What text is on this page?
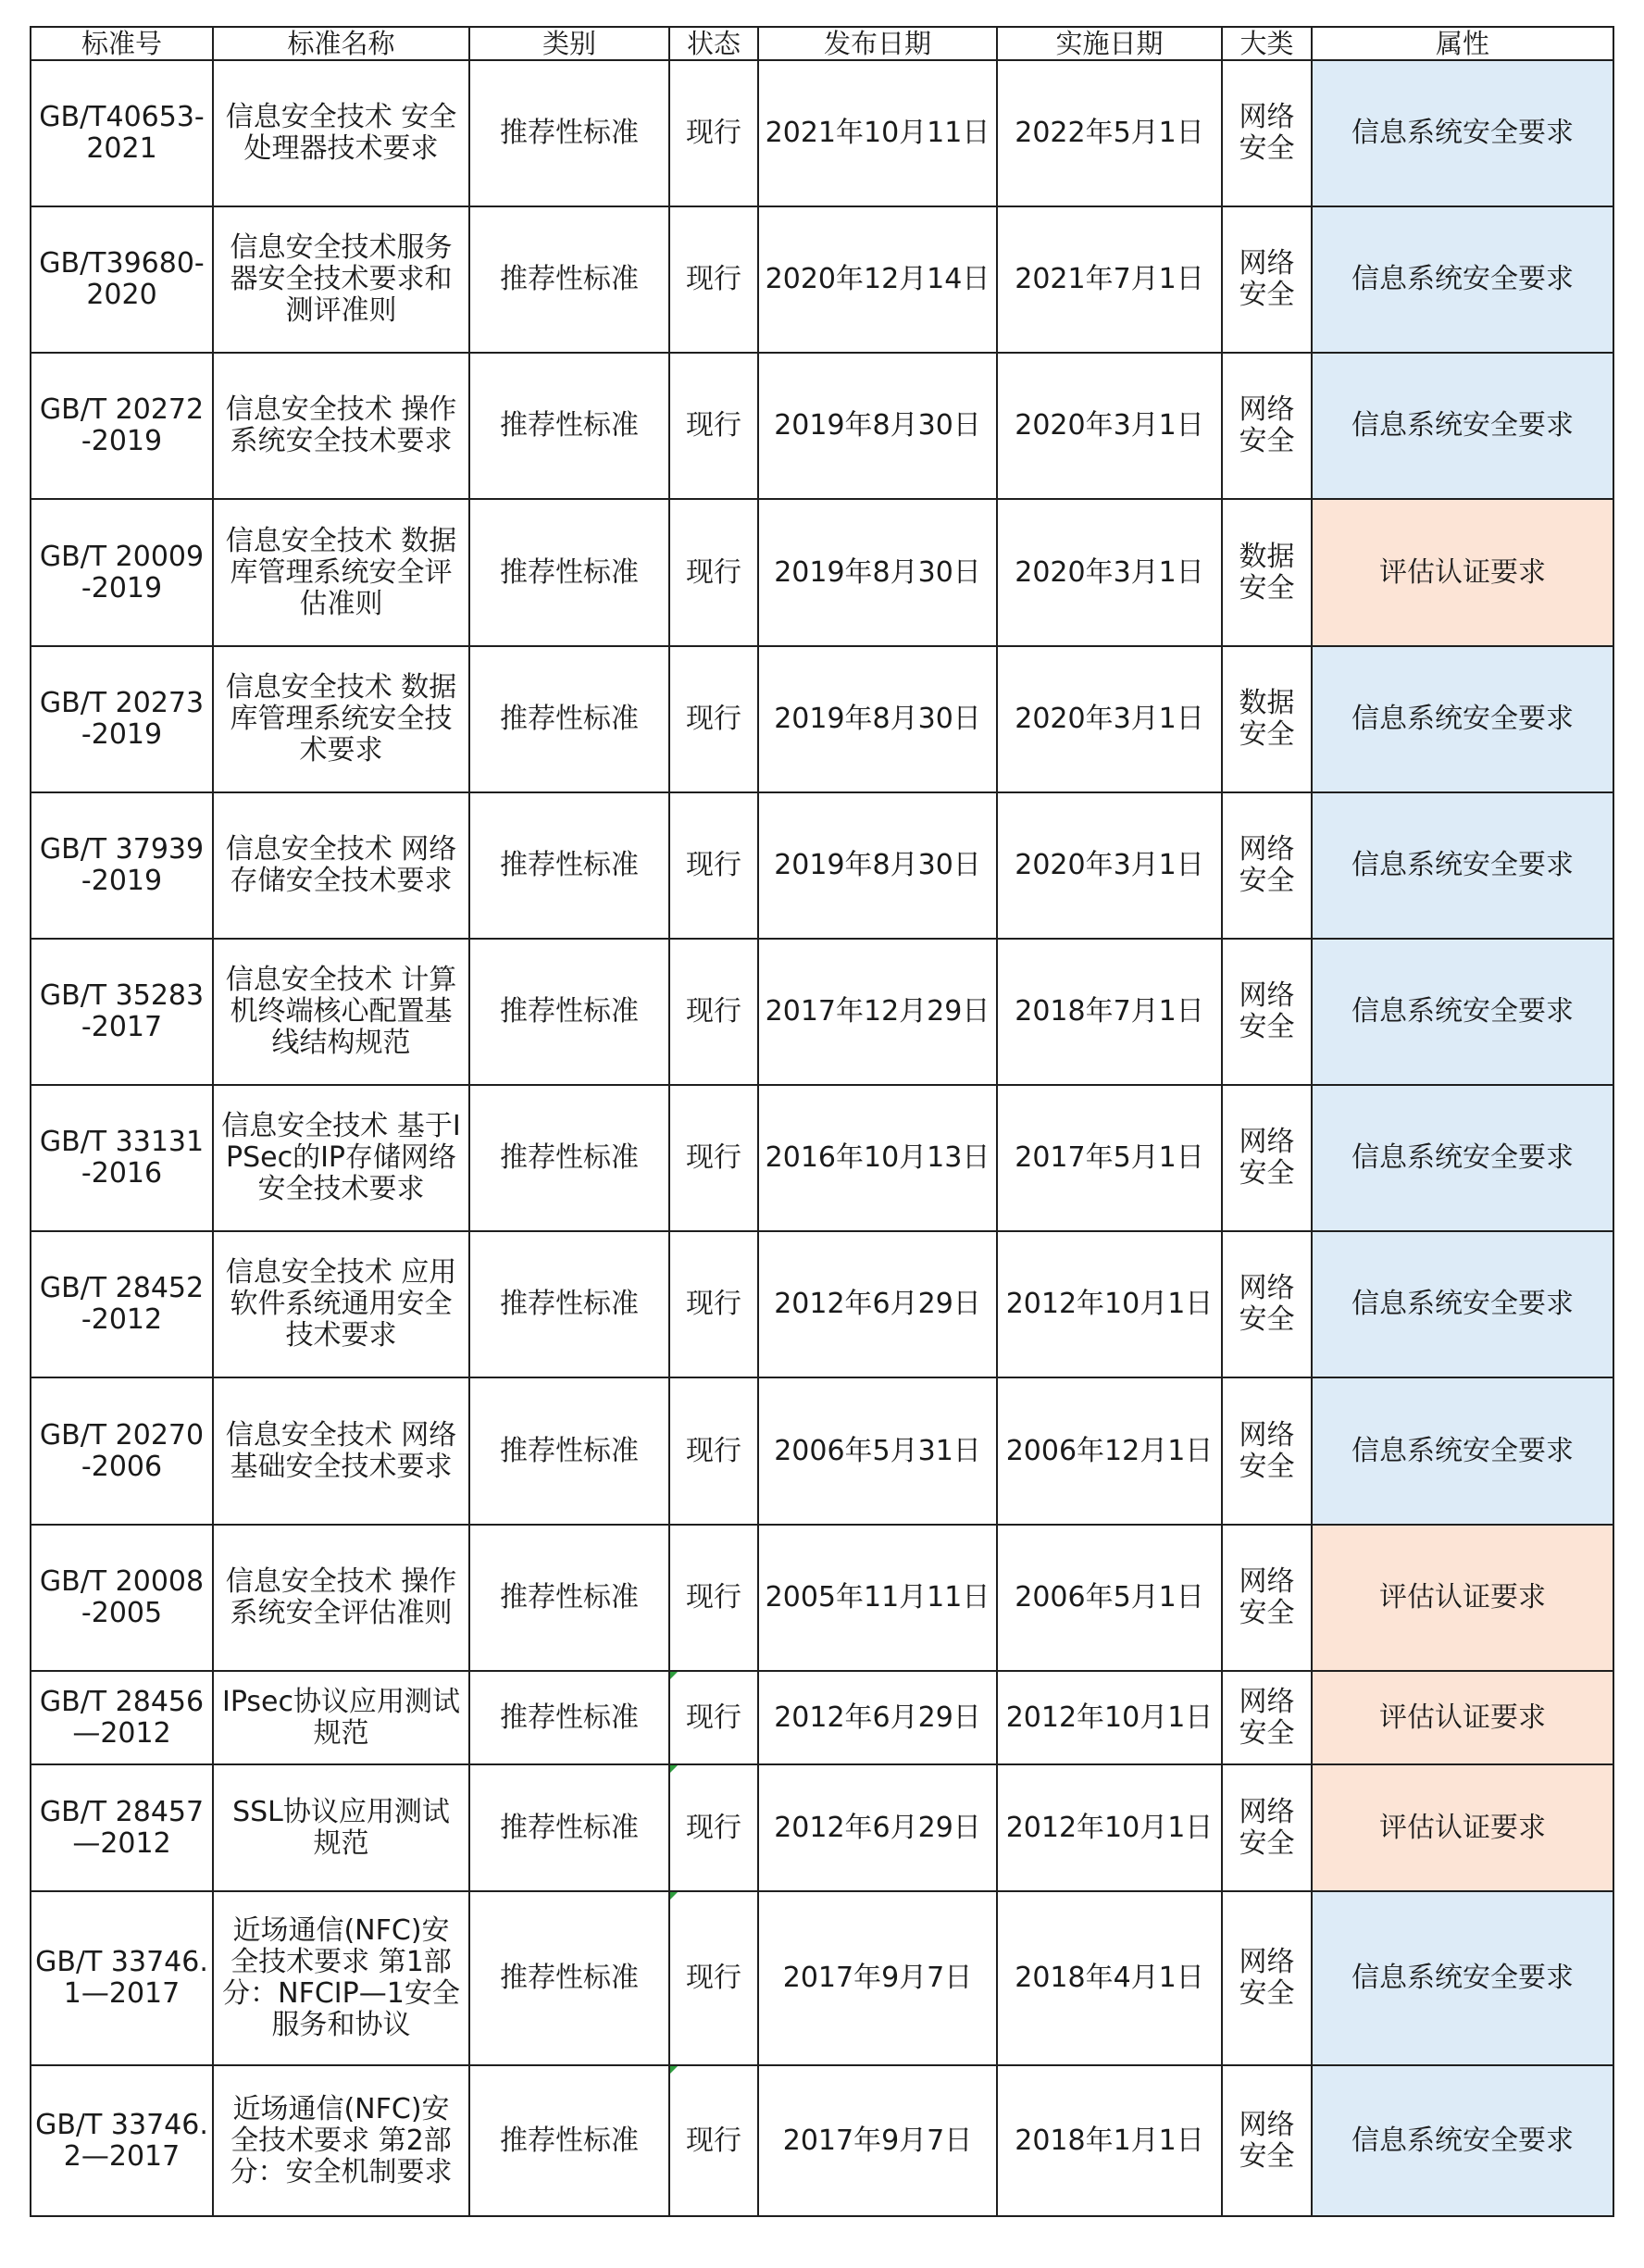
标准号	标准名称	类别	状态	发布日期	实施日期	大类	属性
GB/T40653-2021	信息安全技术 安全处理器技术要求	推荐性标准	现行	2021年10月11日	2022年5月1日	网络安全	信息系统安全要求
GB/T39680-2020	信息安全技术服务器安全技术要求和测评准则	推荐性标准	现行	2020年12月14日	2021年7月1日	网络安全	信息系统安全要求
GB/T 20272-2019	信息安全技术 操作系统安全技术要求	推荐性标准	现行	2019年8月30日	2020年3月1日	网络安全	信息系统安全要求
GB/T 20009-2019	信息安全技术 数据库管理系统安全评估准则	推荐性标准	现行	2019年8月30日	2020年3月1日	数据安全	评估认证要求
GB/T 20273-2019	信息安全技术 数据库管理系统安全技术要求	推荐性标准	现行	2019年8月30日	2020年3月1日	数据安全	信息系统安全要求
GB/T 37939-2019	信息安全技术 网络存储安全技术要求	推荐性标准	现行	2019年8月30日	2020年3月1日	网络安全	信息系统安全要求
GB/T 35283-2017	信息安全技术 计算机终端核心配置基线结构规范	推荐性标准	现行	2017年12月29日	2018年7月1日	网络安全	信息系统安全要求
GB/T 33131-2016	信息安全技术 基于IPSec的IP存储网络安全技术要求	推荐性标准	现行	2016年10月13日	2017年5月1日	网络安全	信息系统安全要求
GB/T 28452-2012	信息安全技术 应用软件系统通用安全技术要求	推荐性标准	现行	2012年6月29日	2012年10月1日	网络安全	信息系统安全要求
GB/T 20270-2006	信息安全技术 网络基础安全技术要求	推荐性标准	现行	2006年5月31日	2006年12月1日	网络安全	信息系统安全要求
GB/T 20008-2005	信息安全技术 操作系统安全评估准则	推荐性标准	现行	2005年11月11日	2006年5月1日	网络安全	评估认证要求
GB/T 28456—2012	IPsec协议应用测试规范	推荐性标准	现行	2012年6月29日	2012年10月1日	网络安全	评估认证要求
GB/T 28457—2012	SSL协议应用测试规范	推荐性标准	现行	2012年6月29日	2012年10月1日	网络安全	评估认证要求
GB/T 33746.1—2017	近场通信(NFC)安全技术要求 第1部分：NFCIP—1安全服务和协议	推荐性标准	现行	2017年9月7日	2018年4月1日	网络安全	信息系统安全要求
GB/T 33746.2—2017	近场通信(NFC)安全技术要求 第2部分：安全机制要求	推荐性标准	现行	2017年9月7日	2018年1月1日	网络安全	信息系统安全要求
